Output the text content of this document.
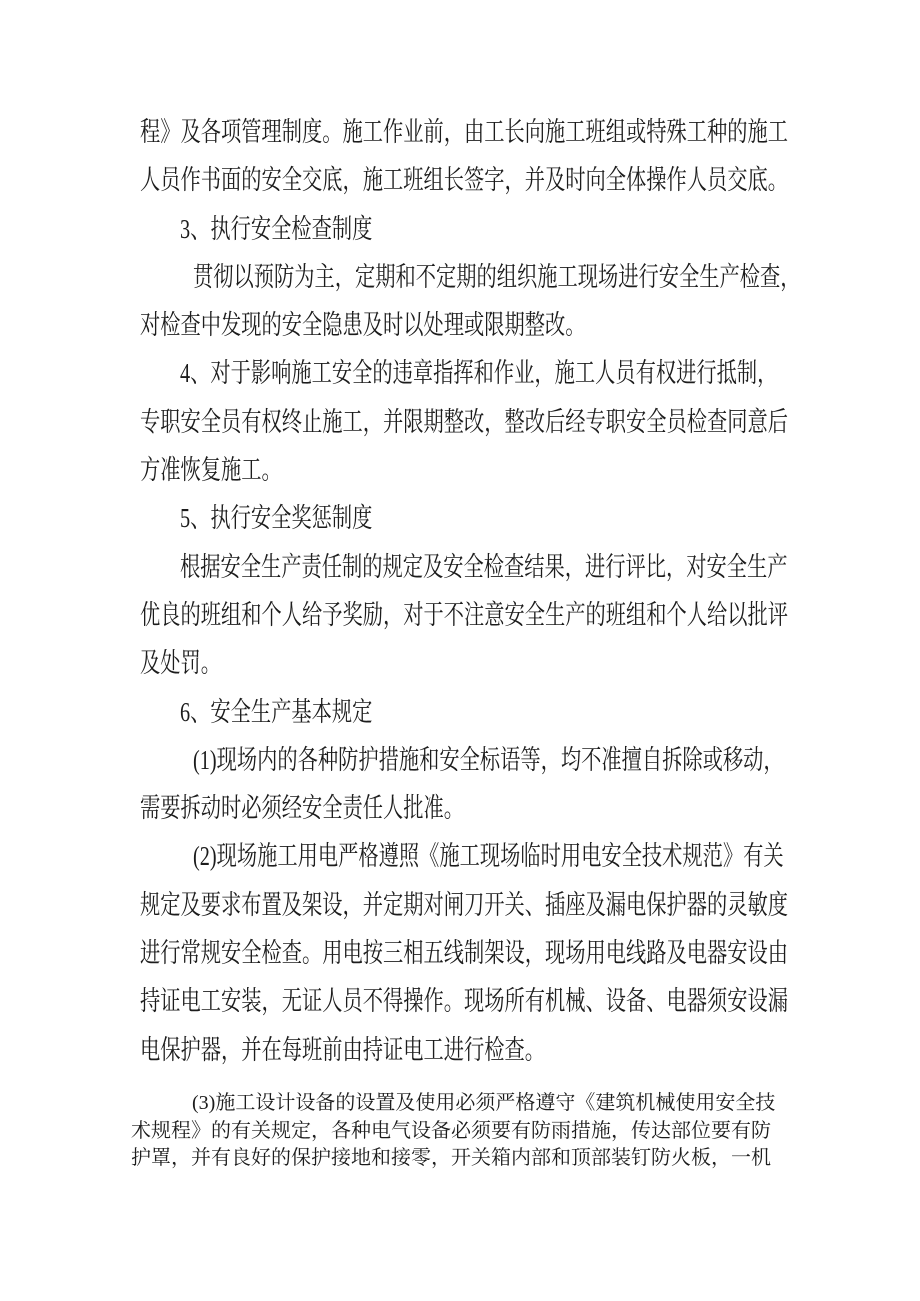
程》及各项管理制度。施工作业前，由工长向施工班组或特殊工种的施工
人员作书面的安全交底，施工班组长签字，并及时向全体操作人员交底。
3、执行安全检查制度
贯彻以预防为主，定期和不定期的组织施工现场进行安全生产检查，
对检查中发现的安全隐患及时以处理或限期整改。
4、对于影响施工安全的违章指挥和作业，施工人员有权进行抵制，
专职安全员有权终止施工，并限期整改，整改后经专职安全员检查同意后
方准恢复施工。
5、执行安全奖惩制度
根据安全生产责任制的规定及安全检查结果，进行评比，对安全生产
优良的班组和个人给予奖励，对于不注意安全生产的班组和个人给以批评
及处罚。
6、安全生产基本规定
(1)现场内的各种防护措施和安全标语等，均不准擅自拆除或移动，
需要拆动时必须经安全责任人批准。
(2)现场施工用电严格遵照《施工现场临时用电安全技术规范》有关
规定及要求布置及架设，并定期对闸刀开关、插座及漏电保护器的灵敏度
进行常规安全检查。用电按三相五线制架设，现场用电线路及电器安设由
持证电工安装，无证人员不得操作。现场所有机械、设备、电器须安设漏
电保护器，并在每班前由持证电工进行检查。
(3)施工设计设备的设置及使用必须严格遵守《建筑机械使用安全技
术规程》的有关规定，各种电气设备必须要有防雨措施，传达部位要有防
护罩，并有良好的保护接地和接零，开关箱内部和顶部装钉防火板，一机
